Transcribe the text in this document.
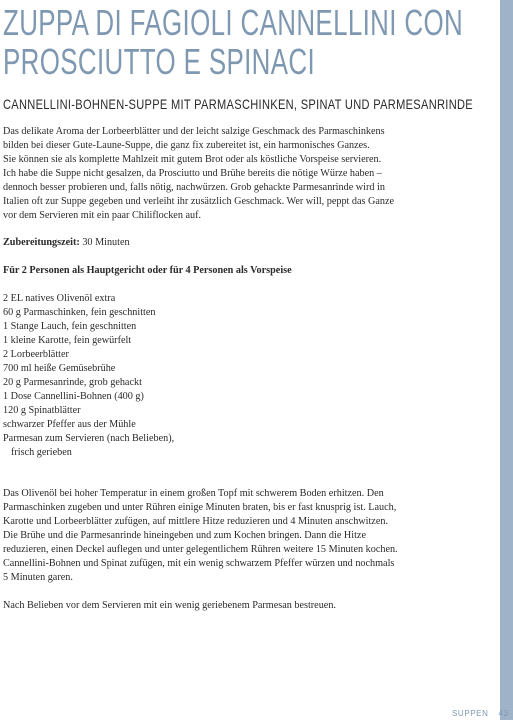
ZUPPA DI FAGIOLI CANNELLINI CON
PROSCIUTTO E SPINACI
CANNELLINI-BOHNEN-SUPPE MIT PARMASCHINKEN, SPINAT UND PARMESANRINDE
Das delikate Aroma der Lorbeerblätter und der leicht salzige Geschmack des Parmaschinkens
bilden bei dieser Gute-Laune-Suppe, die ganz fix zubereitet ist, ein harmonisches Ganzes.
Sie können sie als komplette Mahlzeit mit gutem Brot oder als köstliche Vorspeise servieren.
Ich habe die Suppe nicht gesalzen, da Prosciutto und Brühe bereits die nötige Würze haben –
dennoch besser probieren und, falls nötig, nachwürzen. Grob gehackte Parmesanrinde wird in
Italien oft zur Suppe gegeben und verleiht ihr zusätzlich Geschmack. Wer will, peppt das Ganze
vor dem Servieren mit ein paar Chiliflocken auf.
Zubereitungszeit: 30 Minuten
Für 2 Personen als Hauptgericht oder für 4 Personen als Vorspeise
2 EL natives Olivenöl extra
60 g Parmaschinken, fein geschnitten
1 Stange Lauch, fein geschnitten
1 kleine Karotte, fein gewürfelt
2 Lorbeerblätter
700 ml heiße Gemüsebrühe
20 g Parmesanrinde, grob gehackt
1 Dose Cannellini-Bohnen (400 g)
120 g Spinatblätter
schwarzer Pfeffer aus der Mühle
Parmesan zum Servieren (nach Belieben),
frisch gerieben
Das Olivenöl bei hoher Temperatur in einem großen Topf mit schwerem Boden erhitzen. Den
Parmaschinken zugeben und unter Rühren einige Minuten braten, bis er fast knusprig ist. Lauch,
Karotte und Lorbeerblätter zufügen, auf mittlere Hitze reduzieren und 4 Minuten anschwitzen.
Die Brühe und die Parmesanrinde hineingeben und zum Kochen bringen. Dann die Hitze
reduzieren, einen Deckel auflegen und unter gelegentlichem Rühren weitere 15 Minuten kochen.
Cannellini-Bohnen und Spinat zufügen, mit ein wenig schwarzem Pfeffer würzen und nochmals
5 Minuten garen.
Nach Belieben vor dem Servieren mit ein wenig geriebenem Parmesan bestreuen.
SUPPEN 43
